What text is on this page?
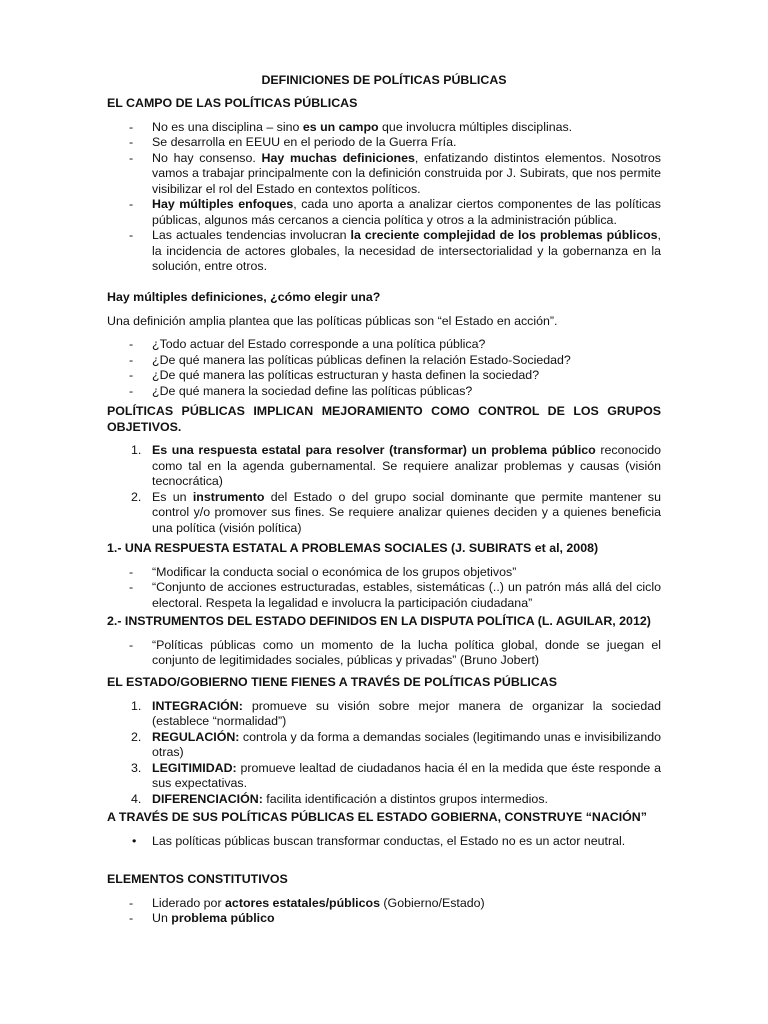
DEFINICIONES DE POLÍTICAS PÚBLICAS
EL CAMPO DE LAS POLÍTICAS PÚBLICAS
- No es una disciplina – sino es un campo que involucra múltiples disciplinas.
- Se desarrolla en EEUU en el periodo de la Guerra Fría.
- No hay consenso. Hay muchas definiciones, enfatizando distintos elementos. Nosotros vamos a trabajar principalmente con la definición construida por J. Subirats, que nos permite visibilizar el rol del Estado en contextos políticos.
- Hay múltiples enfoques, cada uno aporta a analizar ciertos componentes de las políticas públicas, algunos más cercanos a ciencia política y otros a la administración pública.
- Las actuales tendencias involucran la creciente complejidad de los problemas públicos, la incidencia de actores globales, la necesidad de intersectorialidad y la gobernanza en la solución, entre otros.
Hay múltiples definiciones, ¿cómo elegir una?

Una definición amplia plantea que las políticas públicas son “el Estado en acción”.

- ¿Todo actuar del Estado corresponde a una política pública?
- ¿De qué manera las políticas públicas definen la relación Estado-Sociedad?
- ¿De qué manera las políticas estructuran y hasta definen la sociedad?
- ¿De qué manera la sociedad define las políticas públicas?
POLÍTICAS PÚBLICAS IMPLICAN MEJORAMIENTO COMO CONTROL DE LOS GRUPOS OBJETIVOS.
1. Es una respuesta estatal para resolver (transformar) un problema público reconocido como tal en la agenda gubernamental. Se requiere analizar problemas y causas (visión tecnocrática)
2. Es un instrumento del Estado o del grupo social dominante que permite mantener su control y/o promover sus fines. Se requiere analizar quienes deciden y a quienes beneficia una política (visión política)
1.- UNA RESPUESTA ESTATAL A PROBLEMAS SOCIALES (J. SUBIRATS et al, 2008)
- “Modificar la conducta social o económica de los grupos objetivos”
- “Conjunto de acciones estructuradas, estables, sistemáticas (..) un patrón más allá del ciclo electoral. Respeta la legalidad e involucra la participación ciudadana”
2.- INSTRUMENTOS DEL ESTADO DEFINIDOS EN LA DISPUTA POLÍTICA (L. AGUILAR, 2012)
- “Políticas públicas como un momento de la lucha política global, donde se juegan el conjunto de legitimidades sociales, públicas y privadas” (Bruno Jobert)
EL ESTADO/GOBIERNO TIENE FIENES A TRAVÉS DE POLÍTICAS PÚBLICAS
1. INTEGRACIÓN: promueve su visión sobre mejor manera de organizar la sociedad (establece “normalidad”)
2. REGULACIÓN: controla y da forma a demandas sociales (legitimando unas e invisibilizando otras)
3. LEGITIMIDAD: promueve lealtad de ciudadanos hacia él en la medida que éste responde a sus expectativas.
4. DIFERENCIACIÓN: facilita identificación a distintos grupos intermedios.
A TRAVÉS DE SUS POLÍTICAS PÚBLICAS EL ESTADO GOBIERNA, CONSTRUYE “NACIÓN”
• Las políticas públicas buscan transformar conductas, el Estado no es un actor neutral.
ELEMENTOS CONSTITUTIVOS
- Liderado por actores estatales/públicos (Gobierno/Estado)
- Un problema público
